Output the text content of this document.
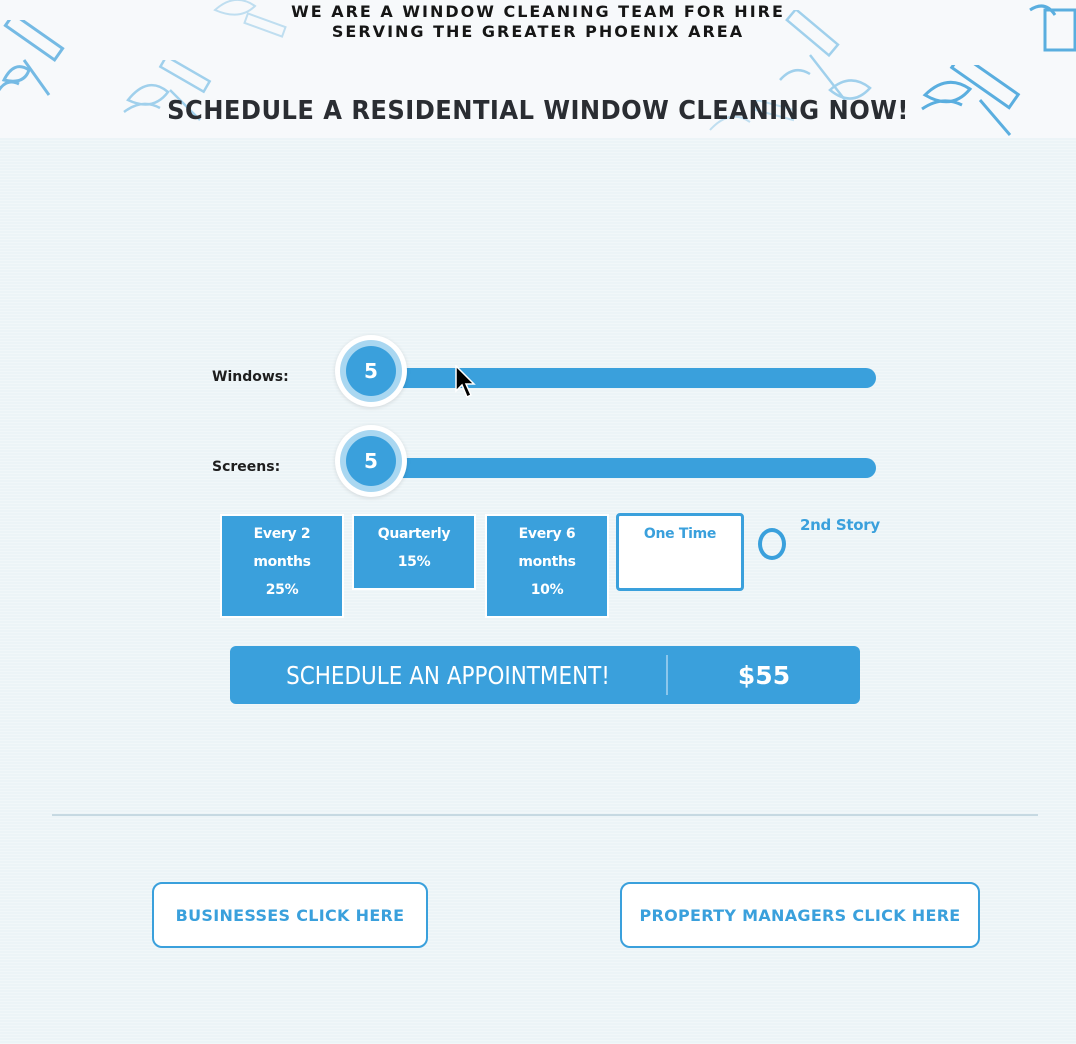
WE ARE A WINDOW CLEANING TEAM FOR HIRE
SERVING THE GREATER PHOENIX AREA
SCHEDULE A RESIDENTIAL WINDOW CLEANING NOW!
Windows:	5
Screens:	5
Every 2
months
25%
Quarterly
15%
Every 6
months
10%
One Time	2nd Story
SCHEDULE AN APPOINTMENT!	$55
BUSINESSES CLICK HERE	PROPERTY MANAGERS CLICK HERE
